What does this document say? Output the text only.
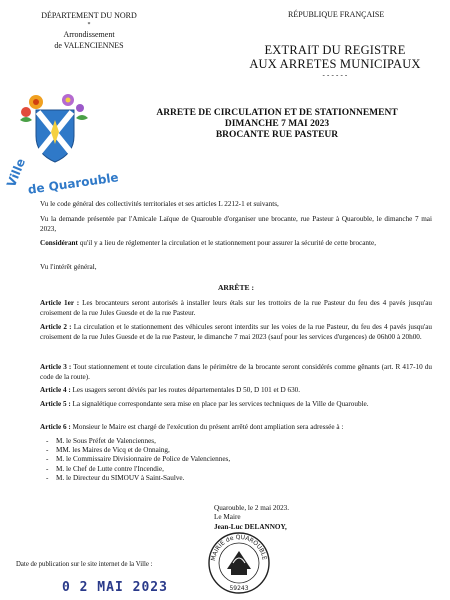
DÉPARTEMENT DU NORD
*
Arrondissement
de VALENCIENNES
RÉPUBLIQUE FRANÇAISE
EXTRAIT DU REGISTRE
AUX ARRETES MUNICIPAUX
- - - - - -
Ville
de Quarouble
ARRETE DE CIRCULATION ET DE STATIONNEMENT
DIMANCHE 7 MAI 2023
BROCANTE RUE PASTEUR
Vu le code général des collectivités territoriales et ses articles L 2212-1 et suivants,
Vu la demande présentée par l'Amicale Laïque de Quarouble d'organiser une brocante, rue Pasteur à Quarouble, le dimanche 7 mai 2023,
Considérant qu'il y a lieu de réglementer la circulation et le stationnement pour assurer la sécurité de cette brocante,
Vu l'intérêt général,
ARRÊTE :
Article 1er : Les brocanteurs seront autorisés à installer leurs étals sur les trottoirs de la rue Pasteur du feu des 4 pavés jusqu'au croisement de la rue Jules Guesde et de la rue Pasteur.
Article 2 : La circulation et le stationnement des véhicules seront interdits sur les voies de la rue Pasteur, du feu des 4 pavés jusqu'au croisement de la rue Jules Guesde et de la rue Pasteur, le dimanche 7 mai 2023 (sauf pour les services d'urgences) de 06h00 à 20h00.
Article 3 : Tout stationnement et toute circulation dans le périmètre de la brocante seront considérés comme gênants (art. R 417-10 du code de la route).
Article 4 : Les usagers seront déviés par les routes départementales D 50, D 101 et D 630.
Article 5 : La signalétique correspondante sera mise en place par les services techniques de la Ville de Quarouble.
Article 6 : Monsieur le Maire est chargé de l'exécution du présent arrêté dont ampliation sera adressée à :
- M. le Sous Préfet de Valenciennes,
- MM. les Maires de Vicq et de Onnaing,
- M. le Commissaire Divisionnaire de Police de Valenciennes,
- M. le Chef de Lutte contre l'Incendie,
- M. le Directeur du SIMOUV à Saint-Saulve.
Quarouble, le 2 mai 2023.
Le Maire
Jean-Luc DELANNOY,
MAIRIE de QUAROUBLE
59243
Date de publication sur le site internet de la Ville :
0 2 MAI 2023
